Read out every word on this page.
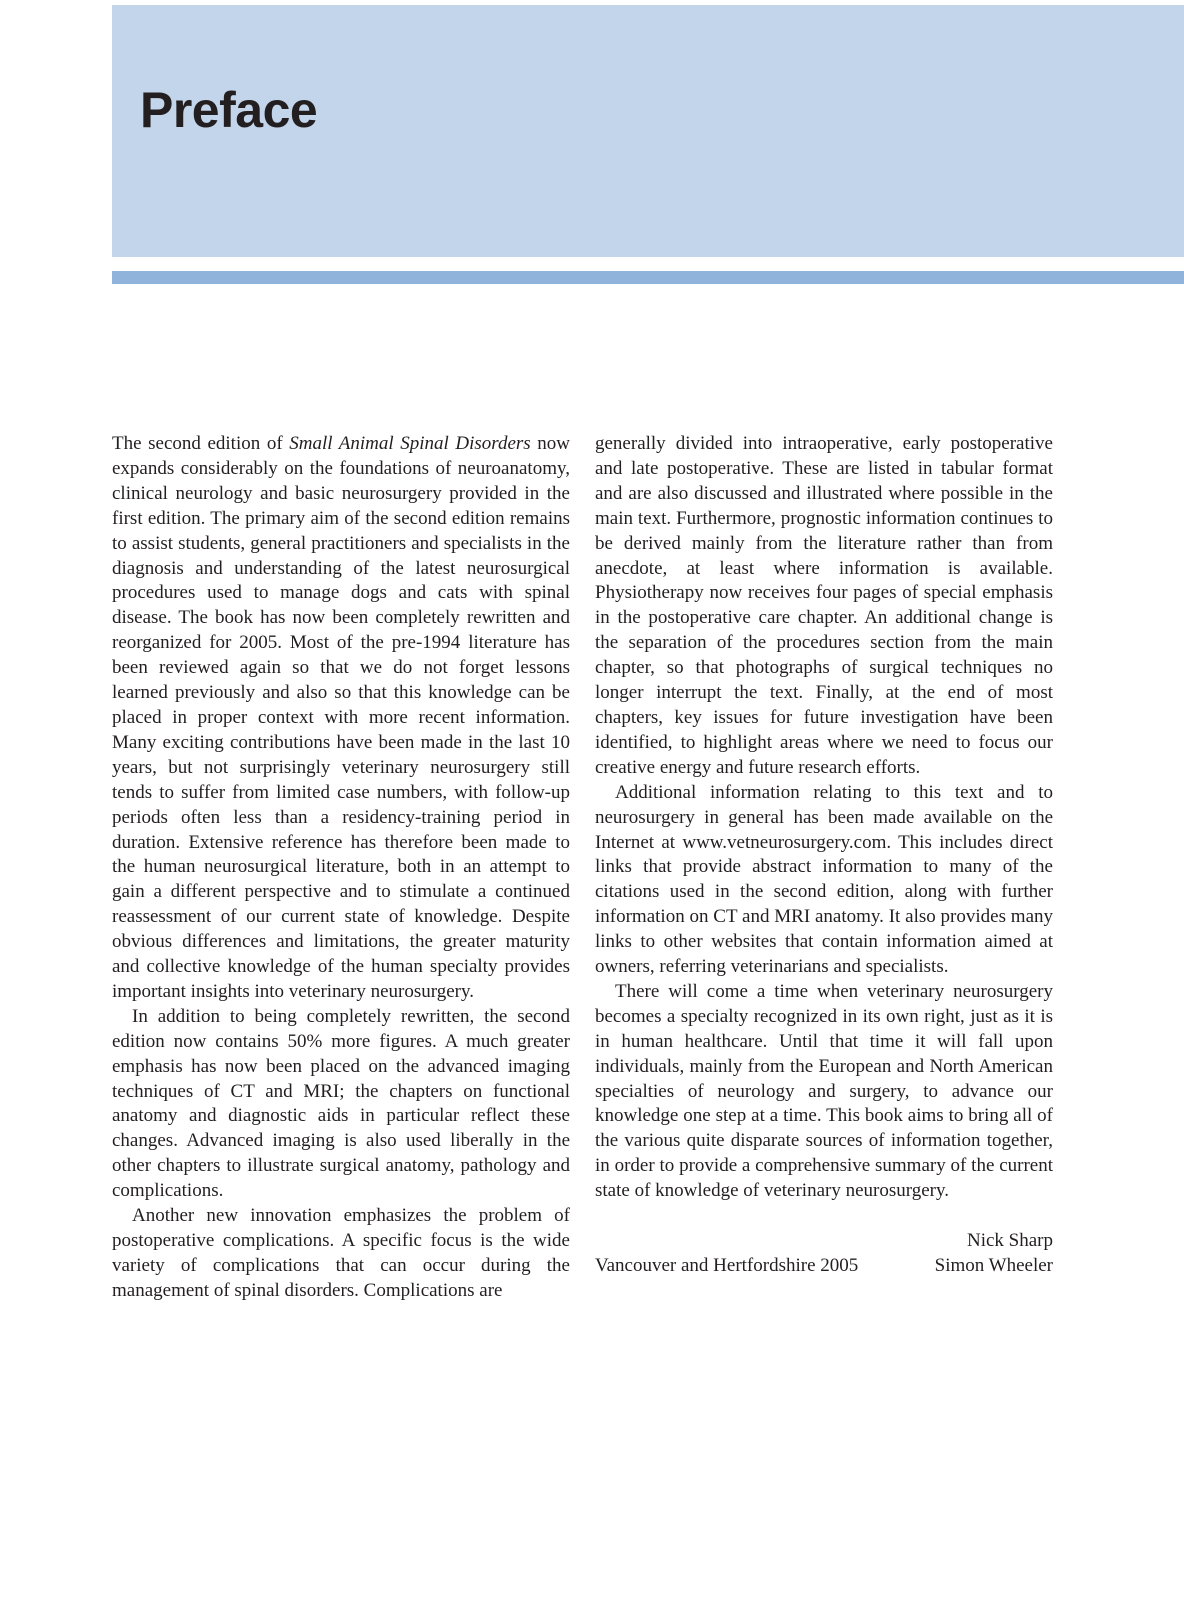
Preface

The second edition of Small Animal Spinal Disorders now expands considerably on the foundations of neuroanatomy, clinical neurology and basic neurosurgery provided in the first edition. The primary aim of the second edition remains to assist students, general practitioners and specialists in the diagnosis and understanding of the latest neurosurgical procedures used to manage dogs and cats with spinal disease. The book has now been completely rewritten and reorganized for 2005. Most of the pre-1994 literature has been reviewed again so that we do not forget lessons learned previously and also so that this knowledge can be placed in proper context with more recent information. Many exciting contributions have been made in the last 10 years, but not surprisingly veterinary neurosurgery still tends to suffer from limited case numbers, with follow-up periods often less than a residency-training period in duration. Extensive reference has therefore been made to the human neurosurgical literature, both in an attempt to gain a different perspective and to stimulate a continued reassessment of our current state of knowledge. Despite obvious differences and limitations, the greater maturity and collective knowledge of the human specialty provides important insights into veterinary neurosurgery.

In addition to being completely rewritten, the second edition now contains 50% more figures. A much greater emphasis has now been placed on the advanced imaging techniques of CT and MRI; the chapters on functional anatomy and diagnostic aids in particular reflect these changes. Advanced imaging is also used liberally in the other chapters to illustrate surgical anatomy, pathology and complications.

Another new innovation emphasizes the problem of postoperative complications. A specific focus is the wide variety of complications that can occur during the management of spinal disorders. Complications are

generally divided into intraoperative, early postoperative and late postoperative. These are listed in tabular format and are also discussed and illustrated where possible in the main text. Furthermore, prognostic information continues to be derived mainly from the literature rather than from anecdote, at least where information is available. Physiotherapy now receives four pages of special emphasis in the postoperative care chapter. An additional change is the separation of the procedures section from the main chapter, so that photographs of surgical techniques no longer interrupt the text. Finally, at the end of most chapters, key issues for future investigation have been identified, to highlight areas where we need to focus our creative energy and future research efforts.

Additional information relating to this text and to neurosurgery in general has been made available on the Internet at www.vetneurosurgery.com. This includes direct links that provide abstract information to many of the citations used in the second edition, along with further information on CT and MRI anatomy. It also provides many links to other websites that contain information aimed at owners, referring veterinarians and specialists.

There will come a time when veterinary neurosurgery becomes a specialty recognized in its own right, just as it is in human healthcare. Until that time it will fall upon individuals, mainly from the European and North American specialties of neurology and surgery, to advance our knowledge one step at a time. This book aims to bring all of the various quite disparate sources of information together, in order to provide a comprehensive summary of the current state of knowledge of veterinary neurosurgery.

Nick Sharp
Vancouver and Hertfordshire 2005	Simon Wheeler
